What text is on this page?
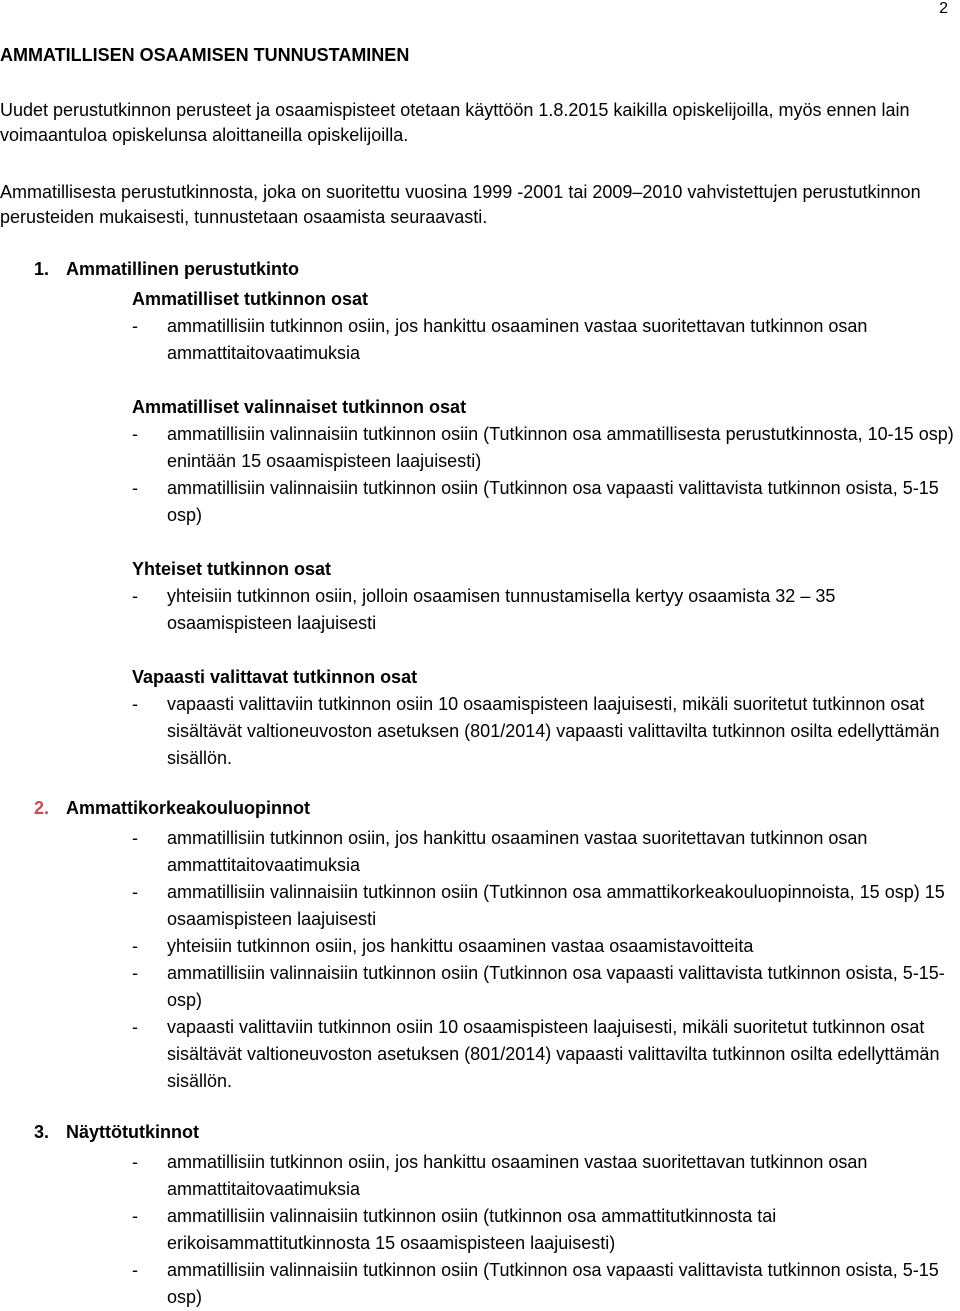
2
AMMATILLISEN OSAAMISEN TUNNUSTAMINEN
Uudet perustutkinnon perusteet ja osaamispisteet otetaan käyttöön 1.8.2015 kaikilla opiskelijoilla, myös ennen lain voimaantuloa opiskelunsa aloittaneilla opiskelijoilla.
Ammatillisesta perustutkinnosta, joka on suoritettu vuosina 1999 -2001 tai 2009–2010 vahvistettujen perustutkinnon perusteiden mukaisesti, tunnustetaan osaamista seuraavasti.
1. Ammatillinen perustutkinto
Ammatilliset tutkinnon osat
- ammatillisiin tutkinnon osiin, jos hankittu osaaminen vastaa suoritettavan tutkinnon osan ammattitaitovaatimuksia
Ammatilliset valinnaiset tutkinnon osat
- ammatillisiin valinnaisiin tutkinnon osiin (Tutkinnon osa ammatillisesta perustutkinnosta, 10-15 osp) enintään 15 osaamispisteen laajuisesti)
- ammatillisiin valinnaisiin tutkinnon osiin (Tutkinnon osa vapaasti valittavista tutkinnon osista, 5-15 osp)
Yhteiset tutkinnon osat
- yhteisiin tutkinnon osiin, jolloin osaamisen tunnustamisella kertyy osaamista 32 – 35 osaamispisteen laajuisesti
Vapaasti valittavat tutkinnon osat
- vapaasti valittaviin tutkinnon osiin 10 osaamispisteen laajuisesti, mikäli suoritetut tutkinnon osat sisältävät valtioneuvoston asetuksen (801/2014) vapaasti valittavilta tutkinnon osilta edellyttämän sisällön.
2. Ammattikorkeakouluopinnot
- ammatillisiin tutkinnon osiin, jos hankittu osaaminen vastaa suoritettavan tutkinnon osan ammattitaitovaatimuksia
- ammatillisiin valinnaisiin tutkinnon osiin (Tutkinnon osa ammattikorkeakouluopinnoista, 15 osp) 15 osaamispisteen laajuisesti
- yhteisiin tutkinnon osiin, jos hankittu osaaminen vastaa osaamistavoitteita
- ammatillisiin valinnaisiin tutkinnon osiin (Tutkinnon osa vapaasti valittavista tutkinnon osista, 5-15- osp)
- vapaasti valittaviin tutkinnon osiin 10 osaamispisteen laajuisesti, mikäli suoritetut tutkinnon osat sisältävät valtioneuvoston asetuksen (801/2014) vapaasti valittavilta tutkinnon osilta edellyttämän sisällön.
3. Näyttötutkinnot
- ammatillisiin tutkinnon osiin, jos hankittu osaaminen vastaa suoritettavan tutkinnon osan ammattitaitovaatimuksia
- ammatillisiin valinnaisiin tutkinnon osiin (tutkinnon osa ammattitutkinnosta tai erikoisammattitutkinnosta 15 osaamispisteen laajuisesti)
- ammatillisiin valinnaisiin tutkinnon osiin (Tutkinnon osa vapaasti valittavista tutkinnon osista, 5-15 osp)
